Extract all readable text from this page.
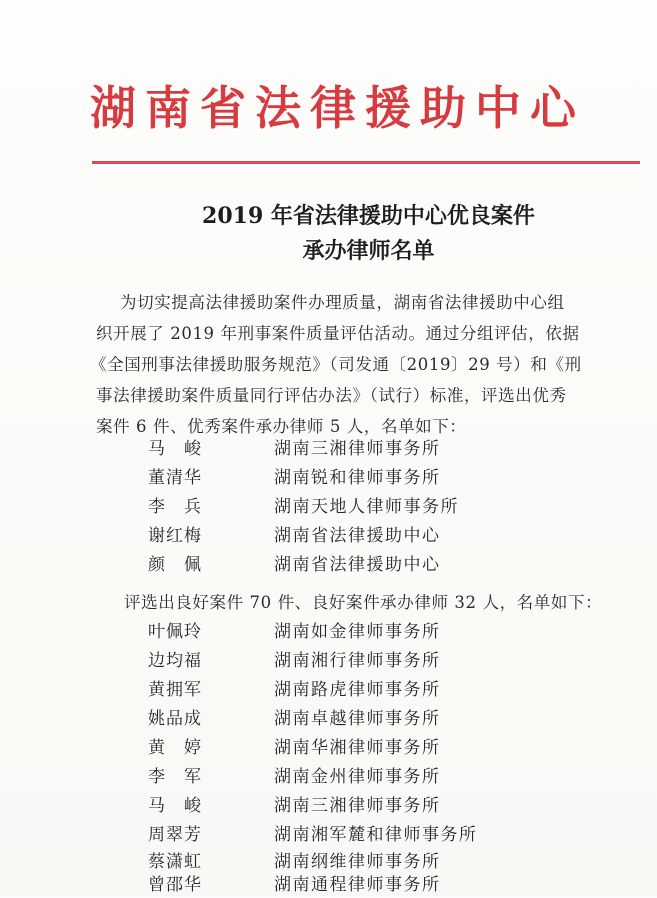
湖南省法律援助中心
2019 年省法律援助中心优良案件
承办律师名单
为切实提高法律援助案件办理质量，湖南省法律援助中心组
织开展了 2019 年刑事案件质量评估活动。通过分组评估，依据
《全国刑事法律援助服务规范》（司发通〔2019〕29 号）和《刑
事法律援助案件质量同行评估办法》（试行）标准，评选出优秀
案件 6 件、优秀案件承办律师 5 人，名单如下：
马　峻	湖南三湘律师事务所
董清华	湖南锐和律师事务所
李　兵	湖南天地人律师事务所
谢红梅	湖南省法律援助中心
颜　佩	湖南省法律援助中心
评选出良好案件 70 件、良好案件承办律师 32 人，名单如下：
叶佩玲	湖南如金律师事务所
边均福	湖南湘行律师事务所
黄拥军	湖南路虎律师事务所
姚品成	湖南卓越律师事务所
黄　婷	湖南华湘律师事务所
李　军	湖南金州律师事务所
马　峻	湖南三湘律师事务所
周翠芳	湖南湘军麓和律师事务所
蔡潇虹	湖南纲维律师事务所
曾邵华	湖南通程律师事务所
